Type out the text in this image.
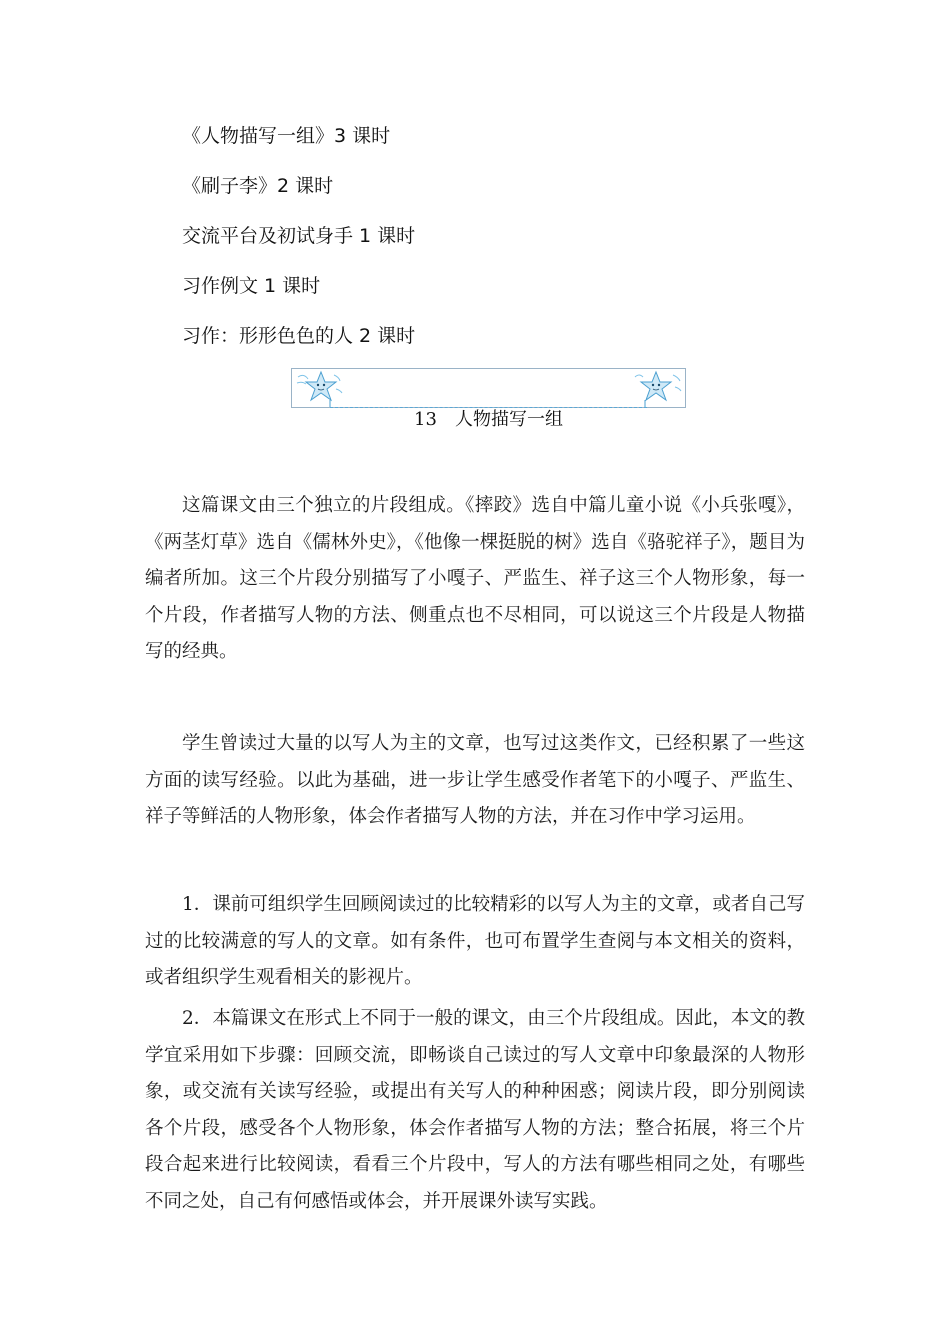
《人物描写一组》3 课时
《刷子李》2 课时
交流平台及初试身手 1 课时
习作例文 1 课时
习作：形形色色的人 2 课时
13 人物描写一组

这篇课文由三个独立的片段组成。《摔跤》选自中篇儿童小说《小兵张嘎》，《两茎灯草》选自《儒林外史》，《他像一棵挺脱的树》选自《骆驼祥子》，题目为编者所加。这三个片段分别描写了小嘎子、严监生、祥子这三个人物形象，每一个片段，作者描写人物的方法、侧重点也不尽相同，可以说这三个片段是人物描写的经典。

学生曾读过大量的以写人为主的文章，也写过这类作文，已经积累了一些这方面的读写经验。以此为基础，进一步让学生感受作者笔下的小嘎子、严监生、祥子等鲜活的人物形象，体会作者描写人物的方法，并在习作中学习运用。

1．课前可组织学生回顾阅读过的比较精彩的以写人为主的文章，或者自己写过的比较满意的写人的文章。如有条件，也可布置学生查阅与本文相关的资料，或者组织学生观看相关的影视片。

2．本篇课文在形式上不同于一般的课文，由三个片段组成。因此，本文的教学宜采用如下步骤：回顾交流，即畅谈自己读过的写人文章中印象最深的人物形象，或交流有关读写经验，或提出有关写人的种种困惑；阅读片段，即分别阅读各个片段，感受各个人物形象，体会作者描写人物的方法；整合拓展，将三个片段合起来进行比较阅读，看看三个片段中，写人的方法有哪些相同之处，有哪些不同之处，自己有何感悟或体会，并开展课外读写实践。
